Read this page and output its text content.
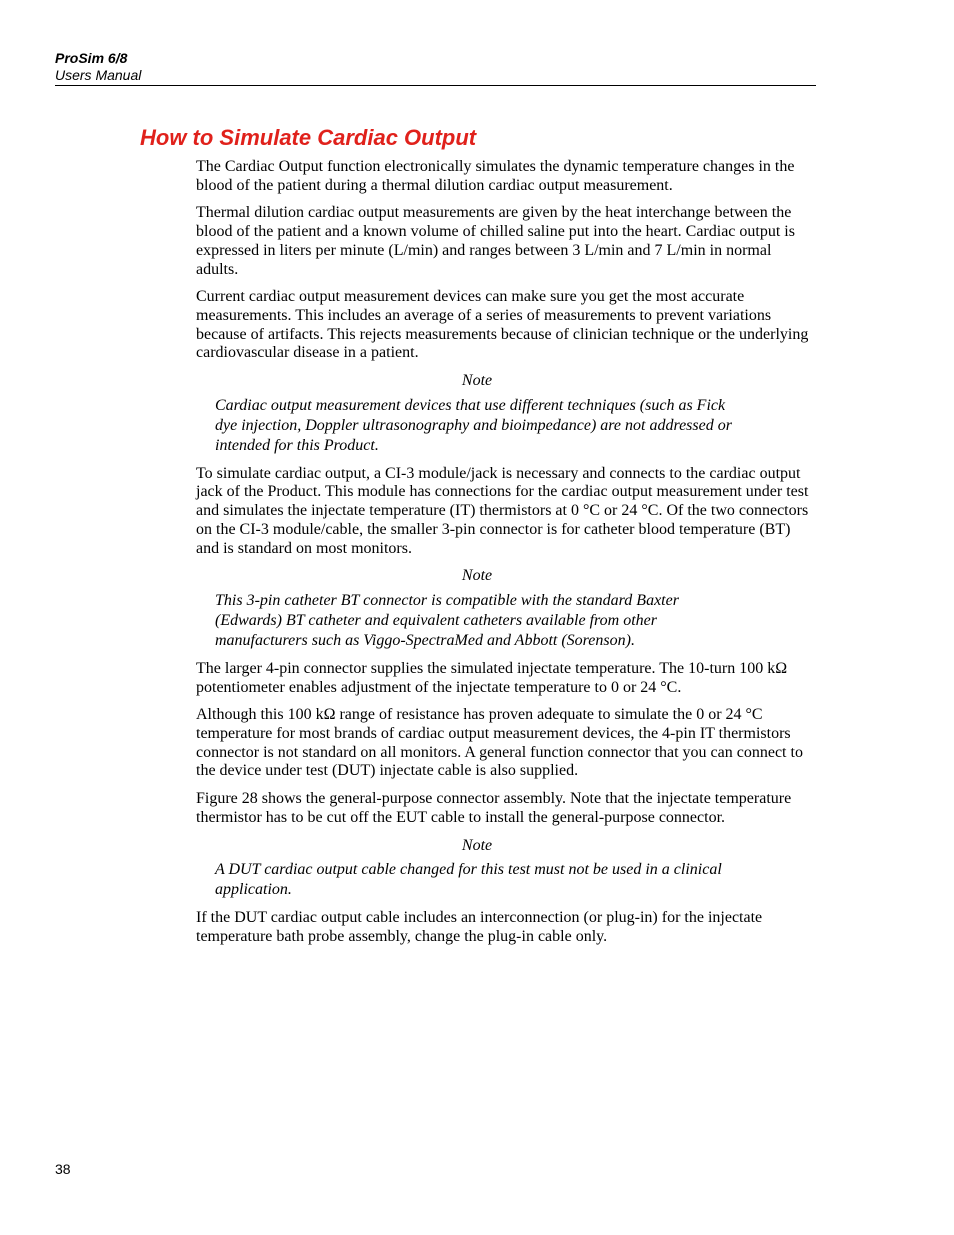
ProSim 6/8
Users Manual
How to Simulate Cardiac Output

The Cardiac Output function electronically simulates the dynamic temperature changes in the blood of the patient during a thermal dilution cardiac output measurement.

Thermal dilution cardiac output measurements are given by the heat interchange between the blood of the patient and a known volume of chilled saline put into the heart. Cardiac output is expressed in liters per minute (L/min) and ranges between 3 L/min and 7 L/min in normal adults.

Current cardiac output measurement devices can make sure you get the most accurate measurements. This includes an average of a series of measurements to prevent variations because of artifacts. This rejects measurements because of clinician technique or the underlying cardiovascular disease in a patient.

Note
Cardiac output measurement devices that use different techniques (such as Fick dye injection, Doppler ultrasonography and bioimpedance) are not addressed or intended for this Product.

To simulate cardiac output, a CI-3 module/jack is necessary and connects to the cardiac output jack of the Product. This module has connections for the cardiac output measurement under test and simulates the injectate temperature (IT) thermistors at 0 °C or 24 °C. Of the two connectors on the CI-3 module/cable, the smaller 3-pin connector is for catheter blood temperature (BT) and is standard on most monitors.

Note
This 3-pin catheter BT connector is compatible with the standard Baxter (Edwards) BT catheter and equivalent catheters available from other manufacturers such as Viggo-SpectraMed and Abbott (Sorenson).

The larger 4-pin connector supplies the simulated injectate temperature. The 10-turn 100 kΩ potentiometer enables adjustment of the injectate temperature to 0 or 24 °C.

Although this 100 kΩ range of resistance has proven adequate to simulate the 0 or 24 °C temperature for most brands of cardiac output measurement devices, the 4-pin IT thermistors connector is not standard on all monitors. A general function connector that you can connect to the device under test (DUT) injectate cable is also supplied.

Figure 28 shows the general-purpose connector assembly. Note that the injectate temperature thermistor has to be cut off the EUT cable to install the general-purpose connector.

Note
A DUT cardiac output cable changed for this test must not be used in a clinical application.

If the DUT cardiac output cable includes an interconnection (or plug-in) for the injectate temperature bath probe assembly, change the plug-in cable only.

38
